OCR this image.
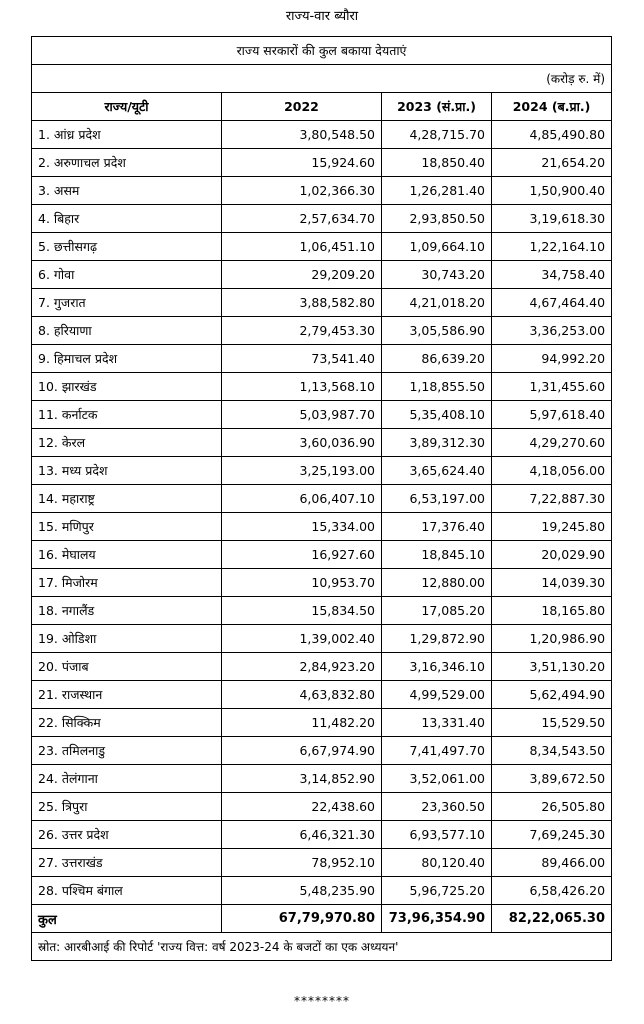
राज्य-वार ब्यौरा
राज्य सरकारों की कुल बकाया देयताएं			
(करोड़ रु. में)			
राज्य/यूटी	2022	2023 (सं.प्रा.)	2024 (ब.प्रा.)
1. आंध्र प्रदेश	3,80,548.50	4,28,715.70	4,85,490.80
2. अरुणाचल प्रदेश	15,924.60	18,850.40	21,654.20
3. असम	1,02,366.30	1,26,281.40	1,50,900.40
4. बिहार	2,57,634.70	2,93,850.50	3,19,618.30
5. छत्तीसगढ़	1,06,451.10	1,09,664.10	1,22,164.10
6. गोवा	29,209.20	30,743.20	34,758.40
7. गुजरात	3,88,582.80	4,21,018.20	4,67,464.40
8. हरियाणा	2,79,453.30	3,05,586.90	3,36,253.00
9. हिमाचल प्रदेश	73,541.40	86,639.20	94,992.20
10. झारखंड	1,13,568.10	1,18,855.50	1,31,455.60
11. कर्नाटक	5,03,987.70	5,35,408.10	5,97,618.40
12. केरल	3,60,036.90	3,89,312.30	4,29,270.60
13. मध्य प्रदेश	3,25,193.00	3,65,624.40	4,18,056.00
14. महाराष्ट्र	6,06,407.10	6,53,197.00	7,22,887.30
15. मणिपुर	15,334.00	17,376.40	19,245.80
16. मेघालय	16,927.60	18,845.10	20,029.90
17. मिजोरम	10,953.70	12,880.00	14,039.30
18. नगालैंड	15,834.50	17,085.20	18,165.80
19. ओडिशा	1,39,002.40	1,29,872.90	1,20,986.90
20. पंजाब	2,84,923.20	3,16,346.10	3,51,130.20
21. राजस्थान	4,63,832.80	4,99,529.00	5,62,494.90
22. सिक्किम	11,482.20	13,331.40	15,529.50
23. तमिलनाडु	6,67,974.90	7,41,497.70	8,34,543.50
24. तेलंगाना	3,14,852.90	3,52,061.00	3,89,672.50
25. त्रिपुरा	22,438.60	23,360.50	26,505.80
26. उत्तर प्रदेश	6,46,321.30	6,93,577.10	7,69,245.30
27. उत्तराखंड	78,952.10	80,120.40	89,466.00
28. पश्चिम बंगाल	5,48,235.90	5,96,725.20	6,58,426.20
कुल	67,79,970.80	73,96,354.90	82,22,065.30
स्रोत: आरबीआई की रिपोर्ट 'राज्य वित्त: वर्ष 2023-24 के बजटों का एक अध्ययन'			
********
